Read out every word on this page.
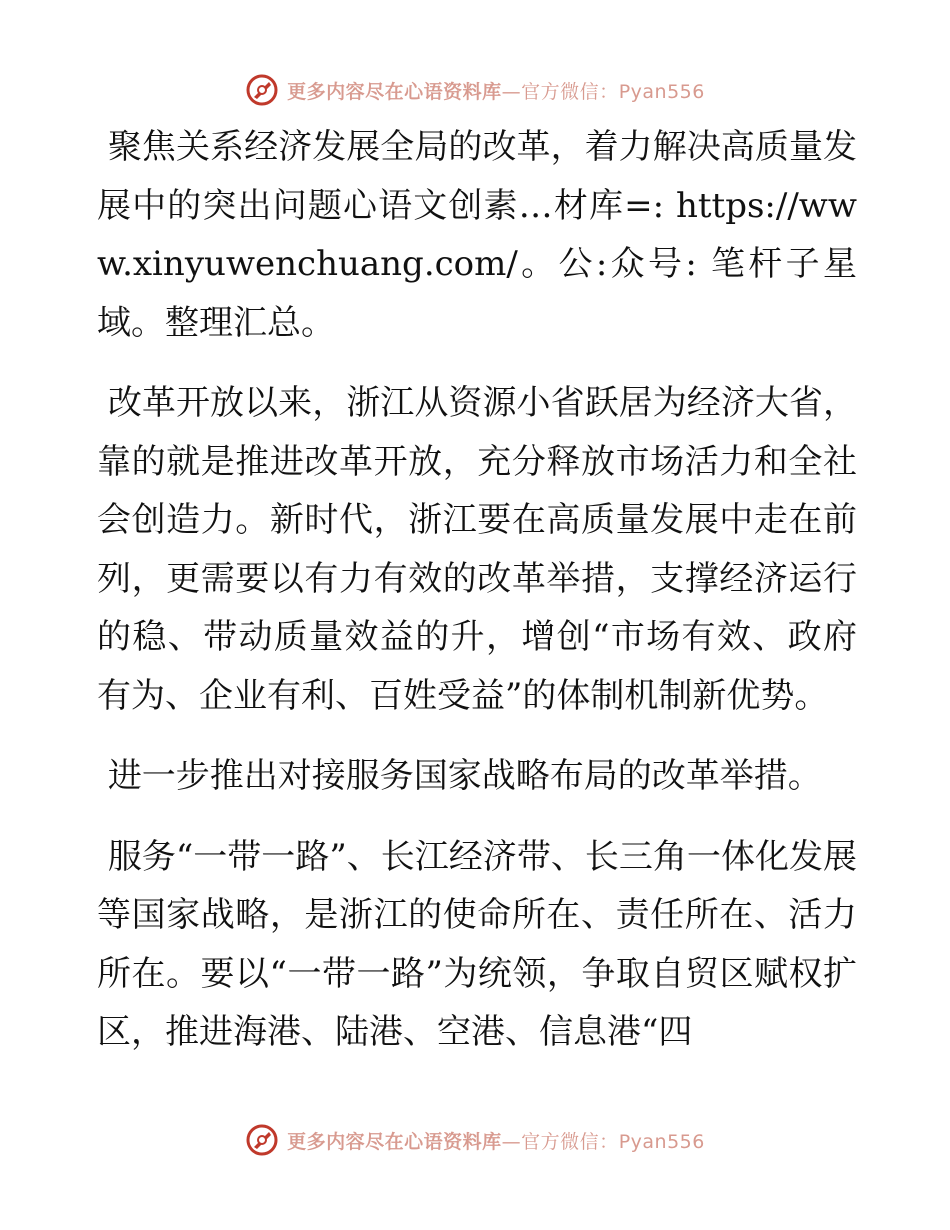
更多内容尽在心语资料库—官方微信：Pyan556

聚焦关系经济发展全局的改革，着力解决高质量发展中的突出问题心语文创素…材库=: https://www.xinyuwenchuang.com/。公:众号: 笔杆子星域。整理汇总。

改革开放以来，浙江从资源小省跃居为经济大省，靠的就是推进改革开放，充分释放市场活力和全社会创造力。新时代，浙江要在高质量发展中走在前列，更需要以有力有效的改革举措，支撑经济运行的稳、带动质量效益的升，增创“市场有效、政府有为、企业有利、百姓受益”的体制机制新优势。

进一步推出对接服务国家战略布局的改革举措。

服务“一带一路”、长江经济带、长三角一体化发展等国家战略，是浙江的使命所在、责任所在、活力所在。要以“一带一路”为统领，争取自贸区赋权扩区，推进海港、陆港、空港、信息港“四

更多内容尽在心语资料库—官方微信：Pyan556
